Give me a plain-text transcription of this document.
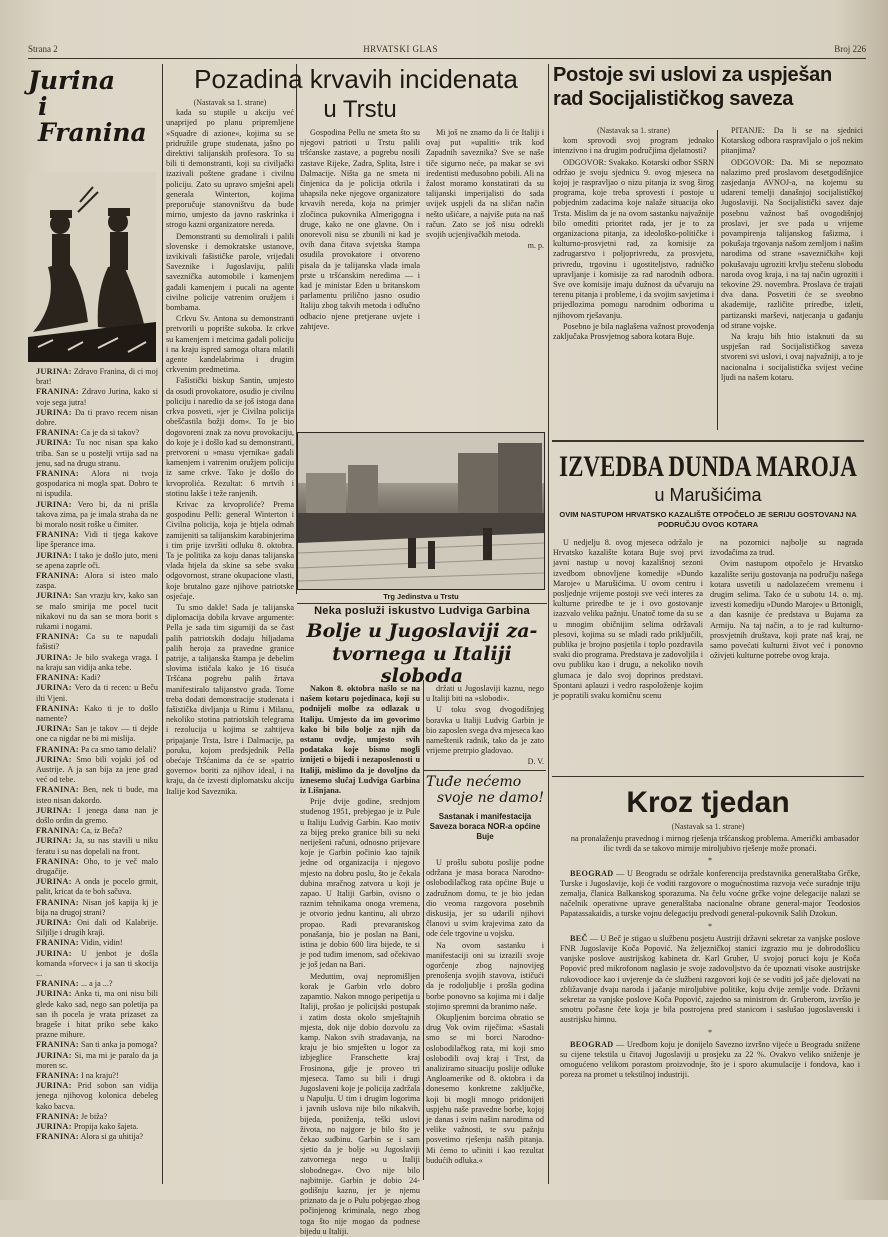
Strana 2	HRVATSKI GLAS	Broj 226
Jurina
i Franina

JURINA: Zdravo Franina, di ci moj brat!

FRANINA: Zdravo Jurina, kako si voje sega jutra!

JURINA: Da ti pravo recem nisan dobre.

FRANINA: Ca je da si takov?

JURINA: Tu noc nisan spa kako triba. San se u postelji vrtija sad na jenu, sad na drugu stranu.

FRANINA: Alora ni tvoja gospodarica ni mogla spat. Dobro te ni ispudila.

JURINA: Vero bi, da ni prišla takova zima, pa je imala straha da ne bi moralo nosit roške u čimiter.

FRANINA: Vidi ti tjega kakove lipe šperance ima.

JURINA: I tako je došlo juto, meni se apena zaprle oči.

FRANINA: Alora si isteo malo zaspa.

JURINA: San vrazju krv, kako san se malo smirija me pocel tucit nikakovi nu da san se mora borit s rukami i nogami.

FRANINA: Ca su te napudali fašisti?

JURINA: Je bilo svakega vraga. I na kraju san vidija anka tebe.

FRANINA: Kadi?

JURINA: Vero da ti recen: u Beču ilti Vjeni.

FRANINA: Kako ti je to došlo namente?

JURINA: San je takov — ti dejde one ca nigdar ne bi mi mislija.

FRANINA: Pa ca smo tamo delali?

JURINA: Smo bili vojaki još od Austrije. A ja san bija za jene grad već od tebe.

FRANINA: Ben, nek ti bude, ma isteo nisan dakordo.

JURINA: I jenega dana nan je došlo ordin da gremo.

FRANINA: Ca, iz Beča?

JURINA: Ja, su nas stavili u niku feratu i su nas dopelali na front.

FRANINA: Oho, to je več malo drugačije.

JURINA: A onda je pocelo grmit, palit, kricat da te boh sačuva.

FRANINA: Nisan još kapija kj je bija na drugoj strani?

JURINA: Oni dali od Kalabrije. Siljilje i drugih krajì.

FRANINA: Vidin, vidin!

JURINA: U jenbot je došla komanda »forvec« i ja san ti skocija ...

FRANINA: ... a ja ...?

JURINA: Anka ti, ma oni nisu bili glede kako sad, nego san poletija pa san ih pocela je vrata prizaset za brageše i hitat priko sebe kako prazne mihure.

FRANINA: San ti anka ja pomoga?

JURINA: Si, ma mi je paralo da ja moren sc.

FRANINA: I na kraju?!

JURINA: Prid sobon san vidija jenega njihovog kolonica debeleg kako bacva.

FRANINA: Je biža?

JURINA: Propija kako šajeta.

FRANINA: Alora si ga uhitija?

Pozadina krvavih incidenata
u Trstu
(Nastavak sa 1. strane)

kada su stupile u akciju već unaprijed po planu pripremljene »Squadre di azione«, kojima su se pridružile grupe studenata, jašno po direktivi talijanskih profesora. To su bili ti demonstranti, koji su civiljački izazivali poštene građane i civilnu policiju. Zato su upravo smješni apeli generala Winterton, kojima preporučuje stanovništvu da bude mirno, umjesto da javno raskrinka i strogo kazni organizatore nereda.

Demonstranti su demolirali i palili slovenske i demokratske ustanove, izvikivali fašističke parole, vrijeđali Saveznike i Jugoslaviju, palili saveznička automobile i kamenjem gađali kamenjem i pucali na agente civilne policije vatrenim oružjem i bombama.

Crkvu Sv. Antona su demonstranti pretvorili u poprište sukoba. Iz crkve su kamenjem i metcima gađali policiju i na kraju ispred samoga oltara mlatili agente kandelabrima i drugim crkvenim predmetima.

Fašistički biskup Santin, umjesto da osudi provokatore, osudio je civilnu policiju i naredio da se još istoga dana crkva posveti, »jer je Civilna policija obeščastila božji dom«. To je bio dogovoreni znak za novu provokaciju, do koje je i došlo kad su demonstranti, pretvoreni u »masu vjernika« gađali kamenjem i vatrenim oružjem policiju iz same crkve. Tako je došlo do krvoprolića. Rezultat: 6 mrtvih i stotinu lakše i teže ranjenih.

Krivac za krvoproliće? Prema gospodinu Pelli: general Winterton i Civilna policija, koja je htjela odmah zamijeniti sa talijanskim karabinjerima i tim prije izvršiti odluku 8. oktobra. Ta je politika za koju danas talijanska vlada htjela da skine sa sebe svaku odgovornost, strane okupacione vlasti, koje brutalno gaze njihove patriotske osjećaje.

Tu smo dakle! Sada je talijanska diplomacija dobila krvave argumente: Pella je sada tim sigurniji da se čast palih patriotskih dodaju hiljadama palih heroja za pravedne granice patrije, a talijanska štampa je debelim slovima ističala kako je 16 tisuća Tršćana pogrebu palih žrtava manifestiralo talijanstvo grada. Tome treba dodati demonstracije studenata i fašistička divljanja u Rimu i Milanu, nekoliko stotina patriotskih telegrama i rezolucija u kojima se zahtijeva pripajanje Trsta, Istre i Dalmacije, pa poruku, kojom predsjednik Pella obećaje Tršćanima da će se »patrio governo« boriti za njihov ideal, i na kraju, da će izvesti diplomatsku akciju Italije kod Saveznika.

Gospodina Pellu ne smeta što su njegovi patrioti u Trstu palili tršćanske zastave, a pogrebu nosili zastave Rijeke, Zadra, Splita, Istre i Dalmacije. Ništa ga ne smeta ni činjenica da je policija otkrila i uhapsila neke njegove organizatore krvavih nereda, koja na primjer zločinca pukovnika Almerigogna i druge, kako ne one glavne. On i onorevoli nisu se zbunili ni kad je ovih dana čitava svjetska štampa osudila provokatore i otvoreno pisala da je talijanska vlada imala prste u tršćanskim neredima — i kad je ministar Eden u britanskom parlamentu prilično jasno osudio Italiju zbog takvih metoda i odlučno odbacio njene pretjerane uvjete i zahtjeve.

Mi još ne znamo da li će Italiji i ovaj put »upaliti« trik kod Zapadnih saveznika? Sve se naše tiče sigurno neće, pa makar se svi iredentisti međusobno pobili. Ali na žalost moramo konstatirati da su talijanski imperijalisti do sada uvijek uspjeli da na sličan način nešto ušićare, a najviše puta na naš račun. Zato se još nisu odrekli svojih ucjenjivačkih metoda.

m. p.
Trg Jedinstva u Trstu
Neka posluži iskustvo Ludviga Garbina
Bolje u Jugoslaviji za-
tvornega u Italiji sloboda

Nakon 8. oktobra našlo se na našem kotaru pojedinaca, koji su podnijeli molbe za odlazak u Italiju. Umjesto da im govorimo kako bi bilo bolje za njih da ostanu ovdje, umjesto svih podataka koje bismo mogli iznijeti o bijedi i nezaposlenosti u Italiji, mislimo da je dovoljno da iznesemo slučaj Ludviga Garbina iz Lišnjana.

Prije dvije godine, srednjom studenog 1951, prebjegao je iz Pule u Italiju Ludvig Garbin. Kao motiv za bijeg preko granice bili su neki neriješeni računi, odnosno prijevare koje je Garbin počinio kao tajnik jedne od organizacija i njegovo mjesto na dobru poslu, što je čekala dubina mračnog zatvora u koji je zapao. U Italiji Garbin, ovisno o raznim tehnikama onoga vremena, je otvorio jednu kantinu, ali ubrzo propao. Radi prevarantskog ponašanja, bio je poslan na Bani, istina je dobio 600 lira bijede, te si je pod tuđim imenom, sad očekivao je još jedan na Bari.

Meduttim, ovaj nepromišljen korak je Garbin vrlo dobro zapamtio. Nakon mnogo peripetija u Italiji, prošao je policijski postupak i zatim dosta okolo smještajnih mjesta, dok nije dobio dozvolu za kamp. Nakon svih stradavanja, na kraju je bio smješten u logor za izbjeglice Franschette kraj Frosinona, gdje je proveo tri mjeseca. Tamo su bili i drugi Jugoslaveni koje je policija zadržala u Napulju. U tim i drugim logorima i javnih uslova nije bilo nikakvih, bijeda, poniženja, teški uslovi života, no najgore je bilo što je čekao sudbinu. Garbin se i sam sjetio da je bolje »u Jugoslaviji zatvornega nego u Italiji slobodnega«. Ovo nije bilo najbitnije. Garbin je dobio 24-godišnju kaznu, jer je njemu priznato da je o Pulu pobjegao zbog počinjenog kriminala, nego zbog toga što nije mogao da podnese bijedu u Italiji.

držati u Jugoslaviji kaznu, nego u Italiji biti na »slobodi«.

U toku svog dvogodišnjeg boravka u Italiji Ludvig Garbin je bio zaposlen svega dva mjeseca kao nameštenik radnik, tako da je zato vrijeme pretrpio gladovao.

D. V.
Tuđe nećemo
svoje ne damo!
Sastanak i manifestacija Saveza boraca NOR-a općine Buje

U prošlu subotu poslije podne održana je masa boraca Narodno-oslobodilačkog rata općine Buje u zadružnom domu, te je bio jedan dio veoma razgovora posebnih diskusija, jer su udarili njihovi članovi u svim krajevima zato da ode ćele trgovine u vojsku.

Na ovom sastanku i manifestaciji oni su izrazili svoje ogorčenje zbog najnovijeg prenošenja svojih stavova, ističući da je rodoljublje i prošla godina borbe ponovno sa kojima mi i dalje stojimo spremni da branimo naše.

Okupljenim borcima obratio se drug Vok ovim riječima: »Sastali smo se mi borci Narodno-oslobodilačkog rata, mi koji smo oslobodili ovaj kraj i Trst, da analiziramo situaciju poslije odluke Angloamerike od 8. oktobra i da donesemo konkretne zaključke, koji bi mogli mnogo pridonijeti uspjehu naše pravedne borbe, kojoj je danas i svim našim narodima od velike važnosti, te svu pažnju posvetimo rješenju naših pitanja. Mi ćemo to učiniti i kao rezultat budućih odluka.«

Postoje svi uslovi za uspješan
rad Socijalističkog saveza
(Nastavak sa 1. strane)

kom sprovodi svoj program jednako intenzivno i na drugim područjima djelatnosti?

ODGOVOR: Svakako. Kotarski odbor SSRN održao je svoju sjednicu 9. ovog mjeseca na kojoj je raspravljao o nizu pitanja iz svog širog programa, koje treba sprovesti i postoje u pobjednim zadacima koje nalaže situacija oko Trsta. Mislim da je na ovom sastanku najvažnije bilo omeđiti prioritet rada, jer je to za organizaciona pitanja, za ideološko-političke i kulturno-prosvjetni rad, za komisije za zadrugarstvo i poljoprivredu, za prosvjetu, privredu, trgovinu i ugostiteljstvo, radničko upravljanje i komisije za rad narodnih odbora. Sve ove komisije imaju dužnost da učvaruju na terenu pitanja i probleme, i da svojim savjetima i prijedlozima pomogu narodnim odborima u njihovom rješavanju.

Posebno je bila naglašena važnost provođenja zaključaka Prosvjetnog sabora kotara Buje.

PITANJE: Da li se na sjednici Kotarskog odbora raspravljalo o još nekim pitanjima?

ODGOVOR: Da. Mi se nepoznato nalazimo pred proslavom desetgodišnjice zasjedanja AVNOJ-a, na kojemu su udareni temelji današnjoj socijalističkoj Jugoslaviji. Na Socijalistički savez daje posebnu važnost baš ovogodišnjoj proslavi, jer sve pada u vrijeme povampirenja talijanskog fašizma, i pokušaja trgovanja našom zemljom i našim narodima od strane »savezničkih« koji pokušavaju ugroziti krvlju stečenu slobodu naroda ovog kraja, i na taj način ugroziti i tekovine 29. novembra. Proslava će trajati dva dana. Posvetiti će se sveobno akademije, različite priredbe, izleti, partizanski marševi, natjecanja u gađanju od strane vojske.

Na kraju bih htio istaknuti da su uspješan rad Socijalističkog saveza stvoreni svi uslovi, i ovaj najvažniji, a to je nacionalna i socijalistička svijest većine ljudi na našem kotaru.

IZVEDBA DUNDA MAROJA
u Marušićima
OVIM NASTUPOM HRVATSKO KAZALIŠTE OTPOČELO JE SERIJU GOSTOVANJ NA PODRUČJU OVOG KOTARA

U nedjelju 8. ovog mjeseca održalo je Hrvatsko kazalište kotara Buje svoj prvi javni nastup u novoj kazališnoj sezoni izvedbom obnovljene komedije »Dundo Maroje« u Marušićima. U ovom centru i posljednje vrijeme postoji sve veći interes za kulturne priredbe te je i ovo gostovanje izazvalo veliku pažnju. Unatoč tome da su se u mnogim običnijim selima održavali plesovi, kojima su se mladi rado priključili, publika je brojno posjetila i toplo pozdravila svaki dio programa. Predstava je zadovoljila i ovu publiku kao i drugu, a nekoliko novih glumaca je dalo svoj doprinos predstavi. Spontani aplauzi i vedro raspoloženje kojim je popratili svaku komičnu scenu

na pozornici najbolje su nagrada izvođačima za trud.

Ovim nastupom otpočelo je Hrvatsko kazalište seriju gostovanja na području našega kotara usvetili u nadolazećem vremenu i drugim selima. Tako će u subotu 14. o. mj. izvesti komediju »Dundo Maroje« u Brtonigli, a dan kasnije će predstava u Bujama za Armiju. Na taj način, a to je rad kulturno-prosvjetnih društava, koji prate naš kraj, ne samo povećati kulturni život već i ponovno oživjeti kulturne potrebe ovog kraja.

Kroz tjedan
(Nastavak sa 1. strane)

na pronalaženju pravednog i mirnog rješenja tršćanskog problema. Američki ambasador ilic tvrdi da se takovo mirnije miroljubivo rješenje može pronaći.

*

BEOGRAD — U Beogradu se održale konferencija predstavnika generalštaba Grčke, Turske i Jugoslavije, koji će voditi razgovore o mogućnostima razvoja veće suradnje triju zemalja, članica Balkanskog sporazuma. Na čelu voćne grčke vojne delegacije nalazi se načelnik operativne uprave generalštaba nacionalne obrane general-major Teodosios Papatassakaidis, a turske vojnu delegaciju predvodi general-pukovnik Salih Dzokun.

*

BEČ — U Beč je stigao u službenu posjetu Austriji državni sekretar za vanjske poslove FNR Jugoslavije Koča Popović. Na željezničkoj stanici izgrazio mu je dobrodošlicu vanjske poslove austrijskog kabineta dr. Karl Gruber, U svojoj poruci koju je Koča Popović pred mikrofonom naglasio je svoje zadovoljstvo da će upoznati visoke austrijske rukovodioce kao i uvjerenje da će službeni razgovori koji će se voditi još jače djelovati na zbližavanje dvaju naroda i jačanje miroljubive politike, koju dvije zemlje vode. Državni sekretar za vanjske poslove Koča Popović, zajedno sa ministrom dr. Gruberom, izvršio je smotru počasne čete koja je bila postrojena pred stanicom i saslušao jugoslavenski i austrijsku himnu.

*

BEOGRAD — Uredbom koju je donijelo Savezno izvršno vijeće u Beogradu snižene su cijene tekstila u čitavoj Jugoslaviji u prosjeku za 22 %. Ovakvo veliko sniženje je omogućeno velikom porastom proizvodnje, što je i sporo akumulacije i fondova, kao i poreza na promet u tekstilnoj industriji.
